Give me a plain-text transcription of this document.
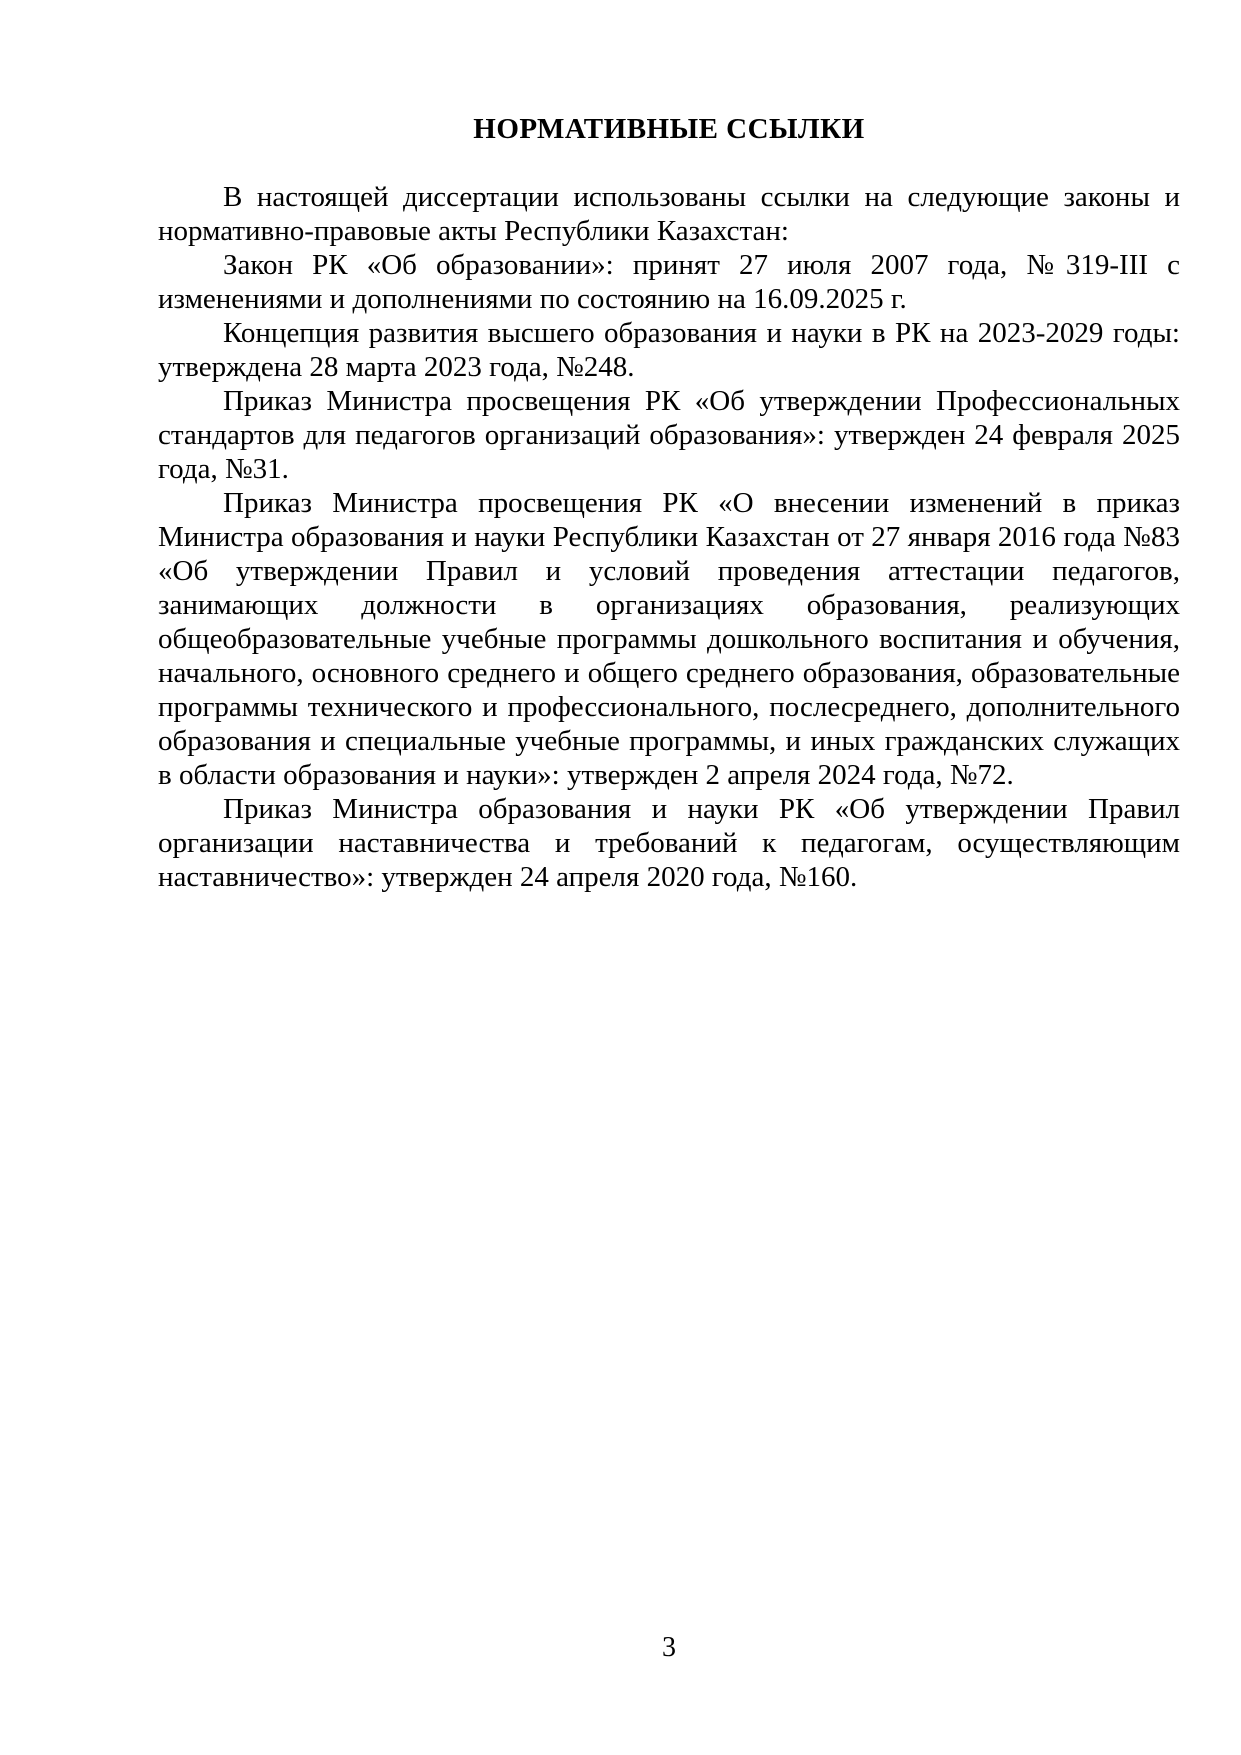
НОРМАТИВНЫЕ ССЫЛКИ

В настоящей диссертации использованы ссылки на следующие законы и нормативно-правовые акты Республики Казахстан:

Закон РК «Об образовании»: принят 27 июля 2007 года, №319-III с изменениями и дополнениями по состоянию на 16.09.2025 г.

Концепция развития высшего образования и науки в РК на 2023-2029 годы: утверждена 28 марта 2023 года, №248.

Приказ Министра просвещения РК «Об утверждении Профессиональных стандартов для педагогов организаций образования»: утвержден 24 февраля 2025 года, №31.

Приказ Министра просвещения РК «О внесении изменений в приказ Министра образования и науки Республики Казахстан от 27 января 2016 года №83 «Об утверждении Правил и условий проведения аттестации педагогов, занимающих должности в организациях образования, реализующих общеобразовательные учебные программы дошкольного воспитания и обучения, начального, основного среднего и общего среднего образования, образовательные программы технического и профессионального, послесреднего, дополнительного образования и специальные учебные программы, и иных гражданских служащих в области образования и науки»: утвержден 2 апреля 2024 года, №72.

Приказ Министра образования и науки РК «Об утверждении Правил организации наставничества и требований к педагогам, осуществляющим наставничество»: утвержден 24 апреля 2020 года, №160.

3
